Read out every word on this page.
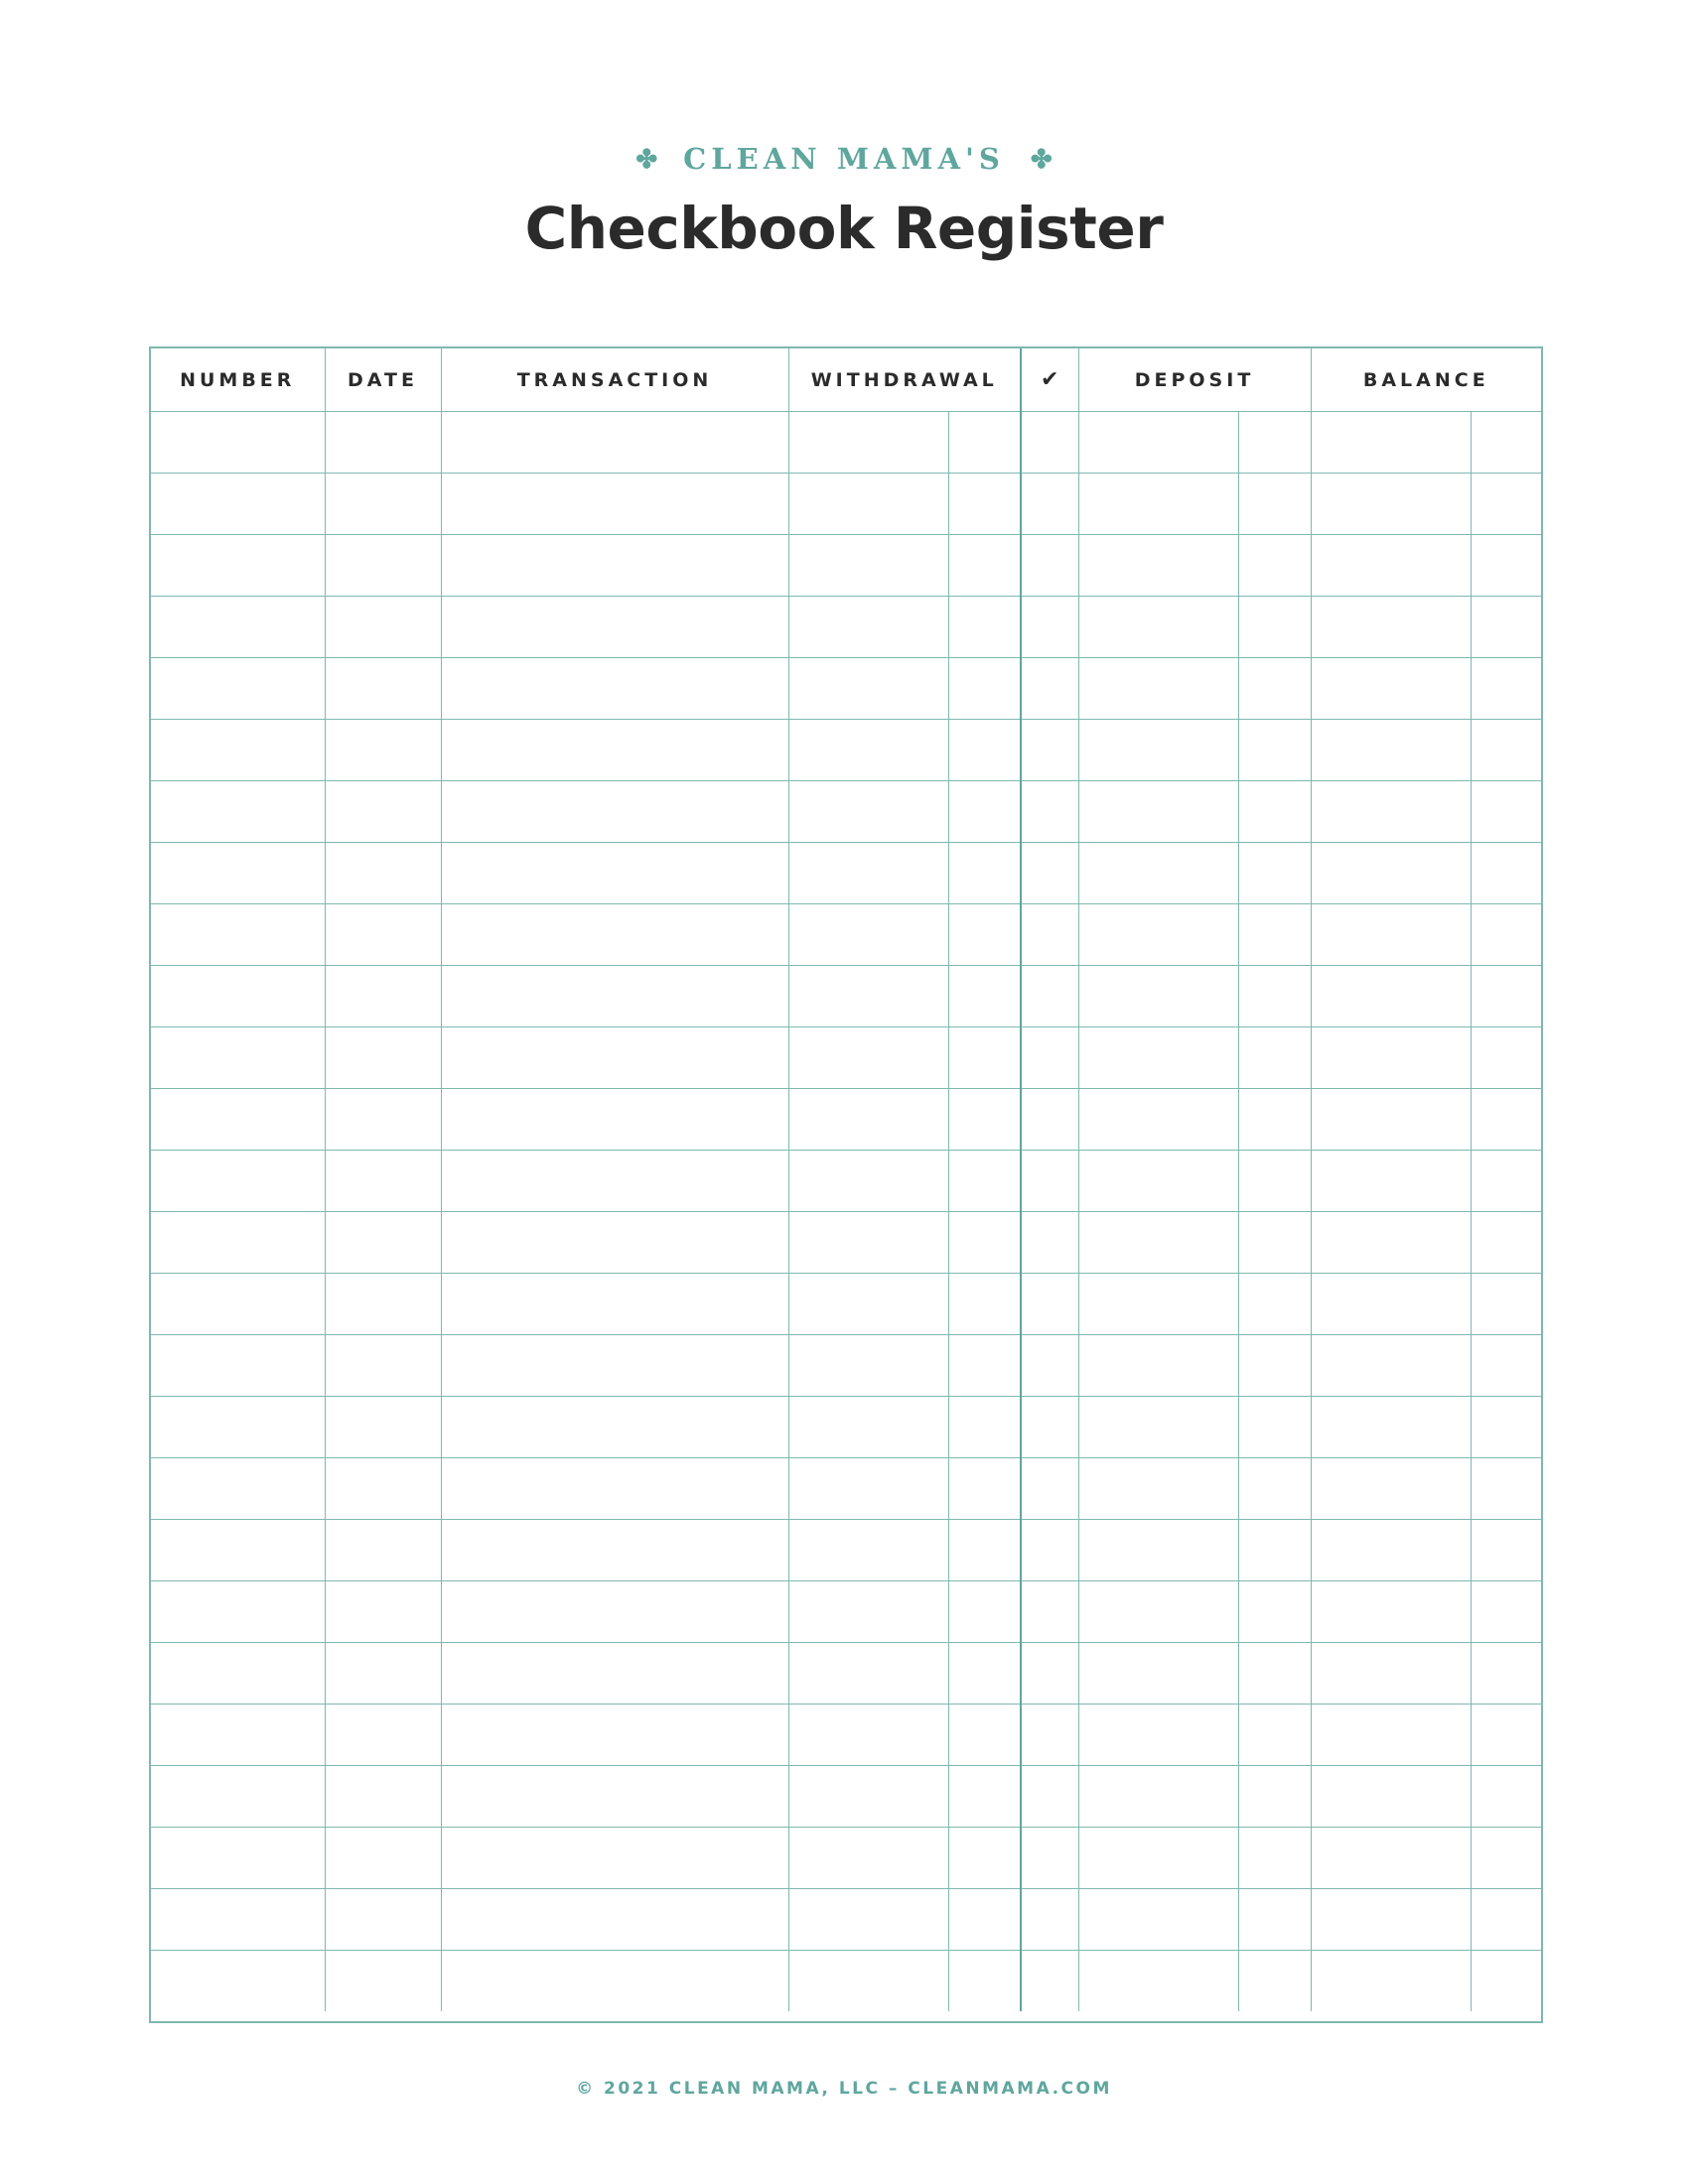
✤ CLEAN MAMA'S ✤
Checkbook Register
NUMBER	DATE	TRANSACTION	WITHDRAWAL		✔	DEPOSIT		BALANCE	

© 2021 CLEAN MAMA, LLC – CLEANMAMA.COM
